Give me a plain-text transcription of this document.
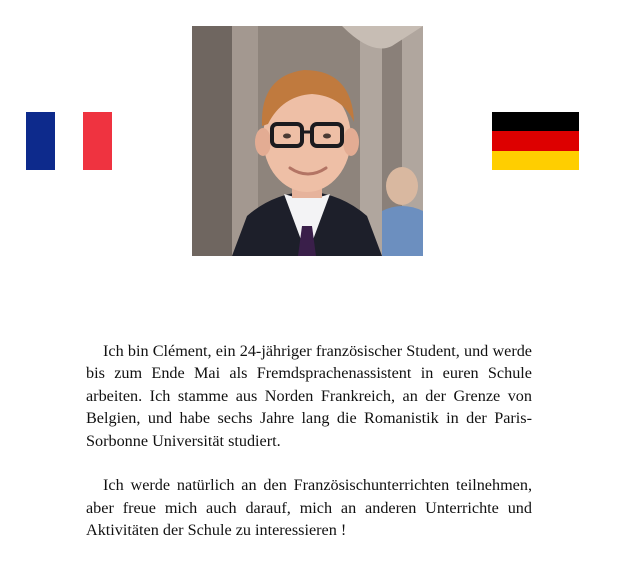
Ich bin Clément, ein 24-jähriger französischer Student, und werde bis zum Ende Mai als Fremdsprachenassistent in euren Schule arbeiten. Ich stamme aus Norden Frankreich, an der Grenze von Belgien, und habe sechs Jahre lang die Romanistik in der Paris-Sorbonne Universität studiert.

Ich werde natürlich an den Französischunterrichten teilnehmen, aber freue mich auch darauf, mich an anderen Unterrichte und Aktivitäten der Schule zu interessieren !
